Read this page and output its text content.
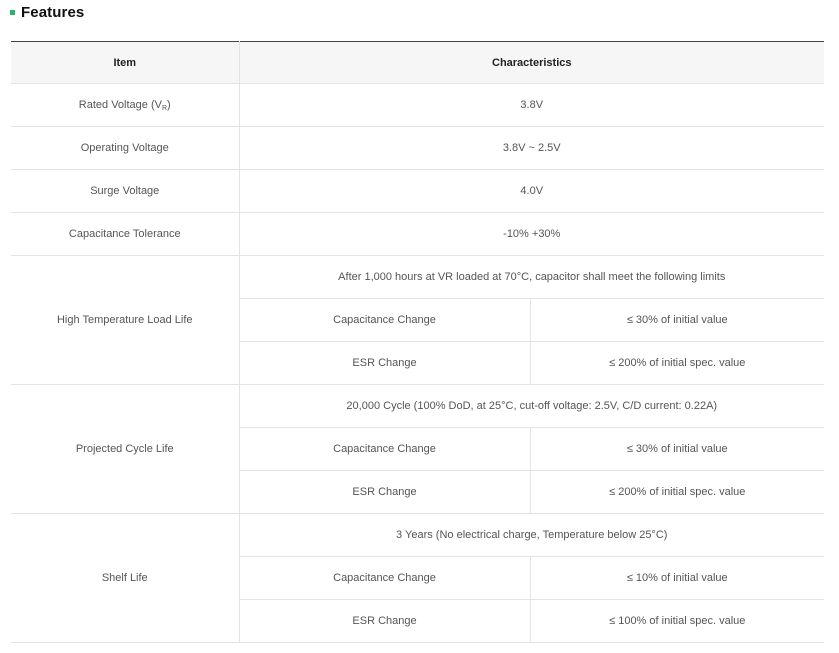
Features
Item	Characteristics	
Rated Voltage $(V_R)$	3.8V	
Operating Voltage	3.8V ~ 2.5V	
Surge Voltage	4.0V	
Capacitance Tolerance	-10% +30%	
High Temperature Load Life	After 1,000 hours at VR loaded at 70°C, capacitor shall meet the following limits	
	Capacitance Change	≤ 30% of initial value
	ESR Change	≤ 200% of initial spec. value
Projected Cycle Life	20,000 Cycle (100% DoD, at 25°C, cut-off voltage: 2.5V, C/D current: 0.22A)	
	Capacitance Change	≤ 30% of initial value
	ESR Change	≤ 200% of initial spec. value
Shelf Life	3 Years (No electrical charge, Temperature below 25°C)	
	Capacitance Change	≤ 10% of initial value
	ESR Change	≤ 100% of initial spec. value
